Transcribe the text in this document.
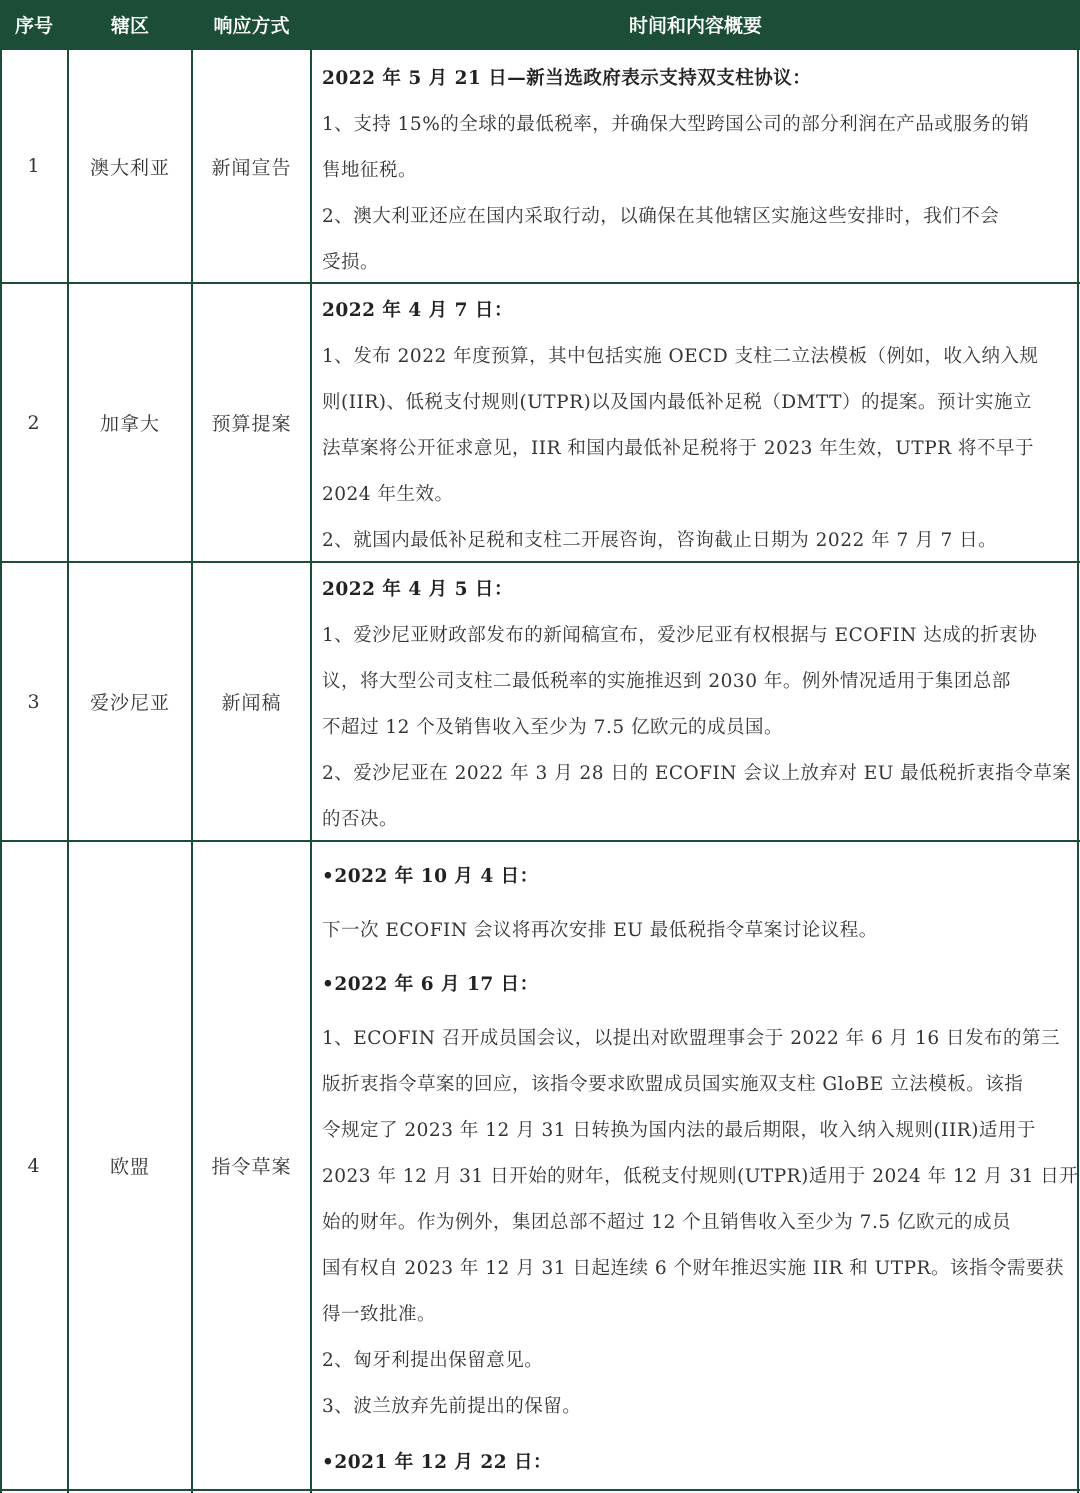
序号	辖区	响应方式	时间和内容概要
1	澳大利亚	新闻宣告
2022 年 5 月 21 日—新当选政府表示支持双支柱协议：
1、支持 15%的全球的最低税率，并确保大型跨国公司的部分利润在产品或服务的销
售地征税。
2、澳大利亚还应在国内采取行动，以确保在其他辖区实施这些安排时，我们不会
受损。
2	加拿大	预算提案
2022 年 4 月 7 日：
1、发布 2022 年度预算，其中包括实施 OECD 支柱二立法模板（例如，收入纳入规
则(IIR)、低税支付规则(UTPR)以及国内最低补足税（DMTT）的提案。预计实施立
法草案将公开征求意见，IIR 和国内最低补足税将于 2023 年生效，UTPR 将不早于
2024 年生效。
2、就国内最低补足税和支柱二开展咨询，咨询截止日期为 2022 年 7 月 7 日。
3	爱沙尼亚	新闻稿
2022 年 4 月 5 日：
1、爱沙尼亚财政部发布的新闻稿宣布，爱沙尼亚有权根据与 ECOFIN 达成的折衷协
议，将大型公司支柱二最低税率的实施推迟到 2030 年。例外情况适用于集团总部
不超过 12 个及销售收入至少为 7.5 亿欧元的成员国。
2、爱沙尼亚在 2022 年 3 月 28 日的 ECOFIN 会议上放弃对 EU 最低税折衷指令草案
的否决。
4	欧盟	指令草案
•2022 年 10 月 4 日：
下一次 ECOFIN 会议将再次安排 EU 最低税指令草案讨论议程。
•2022 年 6 月 17 日：
1、ECOFIN 召开成员国会议，以提出对欧盟理事会于 2022 年 6 月 16 日发布的第三
版折衷指令草案的回应，该指令要求欧盟成员国实施双支柱 GloBE 立法模板。该指
令规定了 2023 年 12 月 31 日转换为国内法的最后期限，收入纳入规则(IIR)适用于
2023 年 12 月 31 日开始的财年，低税支付规则(UTPR)适用于 2024 年 12 月 31 日开
始的财年。作为例外，集团总部不超过 12 个且销售收入至少为 7.5 亿欧元的成员
国有权自 2023 年 12 月 31 日起连续 6 个财年推迟实施 IIR 和 UTPR。该指令需要获
得一致批准。
2、匈牙利提出保留意见。
3、波兰放弃先前提出的保留。
•2021 年 12 月 22 日：
